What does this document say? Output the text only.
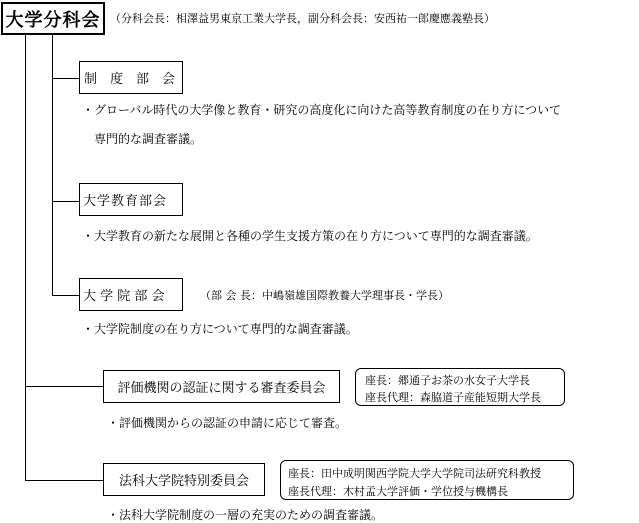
大学分科会 （分科会長：相澤益男東京工業大学長，副分科会長：安西祐一郎慶應義塾長）
制　度　部　会
・グローバル時代の大学像と教育・研究の高度化に向けた高等教育制度の在り方について
　専門的な調査審議。
大学教育部会
・大学教育の新たな展開と各種の学生支援方策の在り方について専門的な調査審議。
大 学 院 部 会	（部 会 長：中嶋嶺雄国際教養大学理事長・学長）
・大学院制度の在り方について専門的な調査審議。
評価機関の認証に関する審査委員会
座長：郷通子お茶の水女子大学長
座長代理：森脇道子産能短期大学長
・評価機関からの認証の申請に応じて審査。
法科大学院特別委員会
座長：田中成明関西学院大学大学院司法研究科教授
座長代理：木村孟大学評価・学位授与機構長
・法科大学院制度の一層の充実のための調査審議。
